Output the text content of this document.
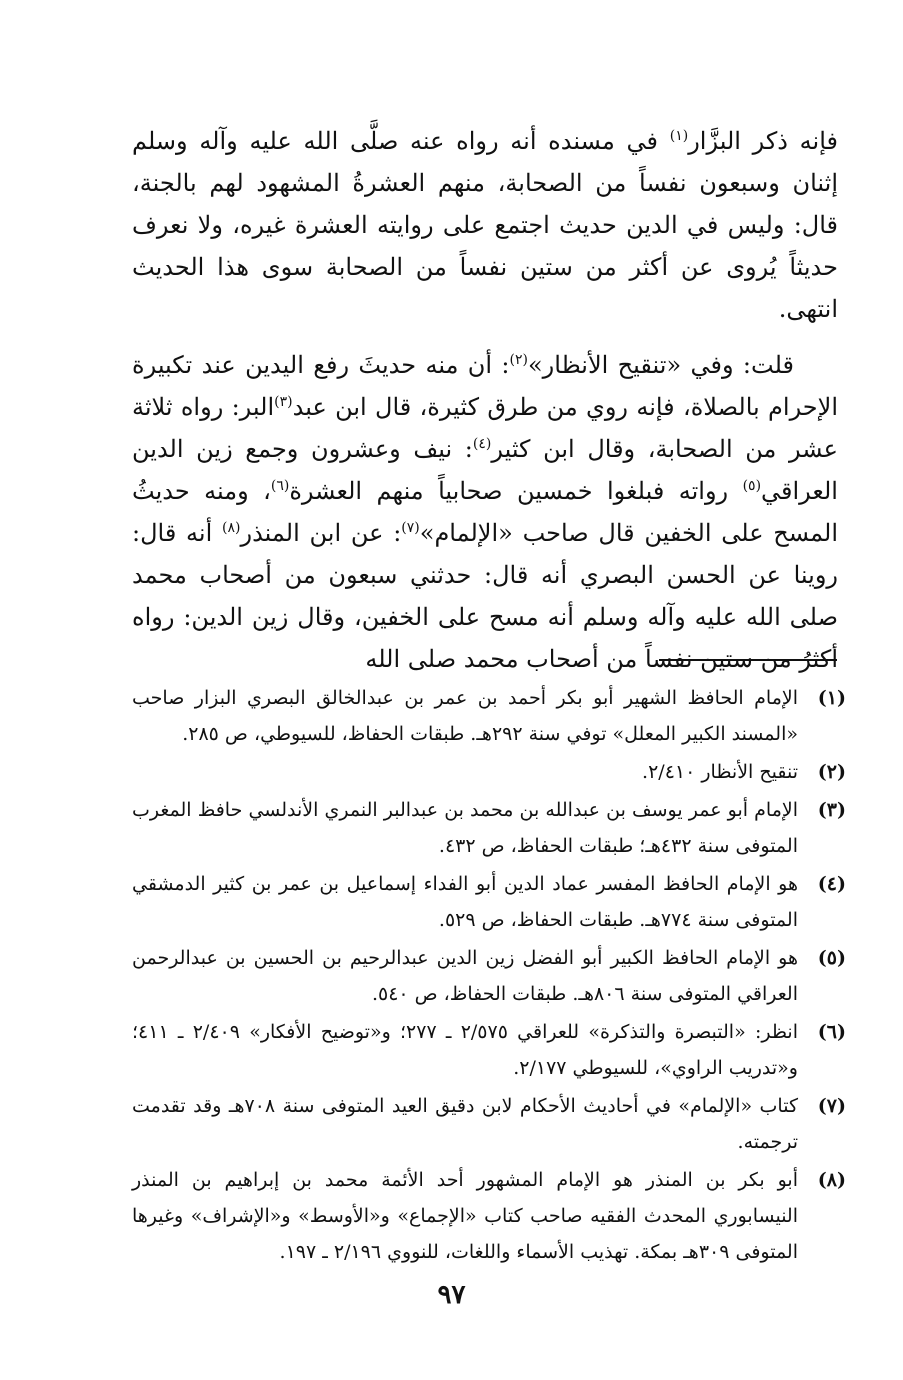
فإنه ذكر البزَّار$^{(١)}$ في مسنده أنه رواه عنه صلَّى الله عليه وآله وسلم إثنان وسبعون نفساً من الصحابة، منهم العشرةُ المشهود لهم بالجنة، قال: وليس في الدين حديث اجتمع على روايته العشرة غيره، ولا نعرف حديثاً يُروى عن أكثر من ستين نفساً من الصحابة سوى هذا الحديث انتهى.

قلت: وفي «تنقيح الأنظار»$^{(٢)}$: أن منه حديثَ رفع اليدين عند تكبيرة الإحرام بالصلاة، فإنه روي من طرق كثيرة، قال ابن عبد$^{(٣)}$البر: رواه ثلاثة عشر من الصحابة، وقال ابن كثير$^{(٤)}$: نيف وعشرون وجمع زين الدين العراقي$^{(٥)}$ رواته فبلغوا خمسين صحابياً منهم العشرة$^{(٦)}$، ومنه حديثُ المسح على الخفين قال صاحب «الإلمام»$^{(٧)}$: عن ابن المنذر$^{(٨)}$ أنه قال: روينا عن الحسن البصري أنه قال: حدثني سبعون من أصحاب محمد صلى الله عليه وآله وسلم أنه مسح على الخفين، وقال زين الدين: رواه أكثرُ من ستين نفساً من أصحاب محمد صلى الله

(١)
الإمام الحافظ الشهير أبو بكر أحمد بن عمر بن عبدالخالق البصري البزار صاحب «المسند الكبير المعلل» توفي سنة ٢٩٢هـ. طبقات الحفاظ، للسيوطي، ص ٢٨٥.
(٢)
تنقيح الأنظار ٢/٤١٠.
(٣)
الإمام أبو عمر يوسف بن عبدالله بن محمد بن عبدالبر النمري الأندلسي حافظ المغرب المتوفى سنة ٤٣٢هـ؛ طبقات الحفاظ، ص ٤٣٢.
(٤)
هو الإمام الحافظ المفسر عماد الدين أبو الفداء إسماعيل بن عمر بن كثير الدمشقي المتوفى سنة ٧٧٤هـ. طبقات الحفاظ، ص ٥٢٩.
(٥)
هو الإمام الحافظ الكبير أبو الفضل زين الدين عبدالرحيم بن الحسين بن عبدالرحمن العراقي المتوفى سنة ٨٠٦هـ. طبقات الحفاظ، ص ٥٤٠.
(٦)
انظر: «التبصرة والتذكرة» للعراقي ٢/٥٧٥ ـ ٢٧٧؛ و«توضيح الأفكار» ٢/٤٠٩ ـ ٤١١؛ و«تدريب الراوي»، للسيوطي ٢/١٧٧.
(٧)
كتاب «الإلمام» في أحاديث الأحكام لابن دقيق العيد المتوفى سنة ٧٠٨هـ وقد تقدمت ترجمته.
(٨)
أبو بكر بن المنذر هو الإمام المشهور أحد الأئمة محمد بن إبراهيم بن المنذر النيسابوري المحدث الفقيه صاحب كتاب «الإجماع» و«الأوسط» و«الإشراف» وغيرها المتوفى ٣٠٩هـ بمكة. تهذيب الأسماء واللغات، للنووي ٢/١٩٦ ـ ١٩٧.
٩٧
